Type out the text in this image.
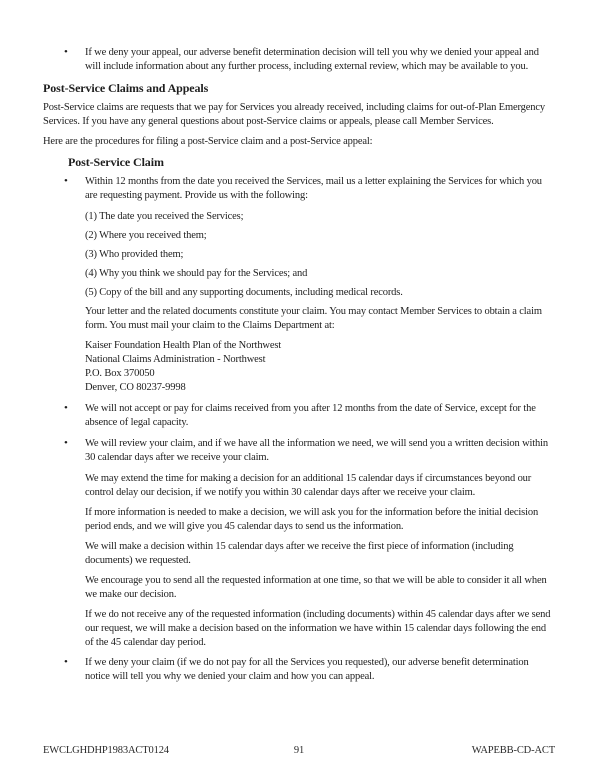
• If we deny your appeal, our adverse benefit determination decision will tell you why we denied your appeal and will include information about any further process, including external review, which may be available to you.
Post-Service Claims and Appeals
Post-Service claims are requests that we pay for Services you already received, including claims for out-of-Plan Emergency Services. If you have any general questions about post-Service claims or appeals, please call Member Services.
Here are the procedures for filing a post-Service claim and a post-Service appeal:
Post-Service Claim
• Within 12 months from the date you received the Services, mail us a letter explaining the Services for which you are requesting payment. Provide us with the following:
(1) The date you received the Services;
(2) Where you received them;
(3) Who provided them;
(4) Why you think we should pay for the Services; and
(5) Copy of the bill and any supporting documents, including medical records.
Your letter and the related documents constitute your claim. You may contact Member Services to obtain a claim form. You must mail your claim to the Claims Department at:
Kaiser Foundation Health Plan of the Northwest
National Claims Administration - Northwest
P.O. Box 370050
Denver, CO 80237-9998
• We will not accept or pay for claims received from you after 12 months from the date of Service, except for the absence of legal capacity.
• We will review your claim, and if we have all the information we need, we will send you a written decision within 30 calendar days after we receive your claim.
We may extend the time for making a decision for an additional 15 calendar days if circumstances beyond our control delay our decision, if we notify you within 30 calendar days after we receive your claim.
If more information is needed to make a decision, we will ask you for the information before the initial decision period ends, and we will give you 45 calendar days to send us the information.
We will make a decision within 15 calendar days after we receive the first piece of information (including documents) we requested.
We encourage you to send all the requested information at one time, so that we will be able to consider it all when we make our decision.
If we do not receive any of the requested information (including documents) within 45 calendar days after we send our request, we will make a decision based on the information we have within 15 calendar days following the end of the 45 calendar day period.
• If we deny your claim (if we do not pay for all the Services you requested), our adverse benefit determination notice will tell you why we denied your claim and how you can appeal.
EWCLGHDHP1983ACT0124	91	WAPEBB-CD-ACT
